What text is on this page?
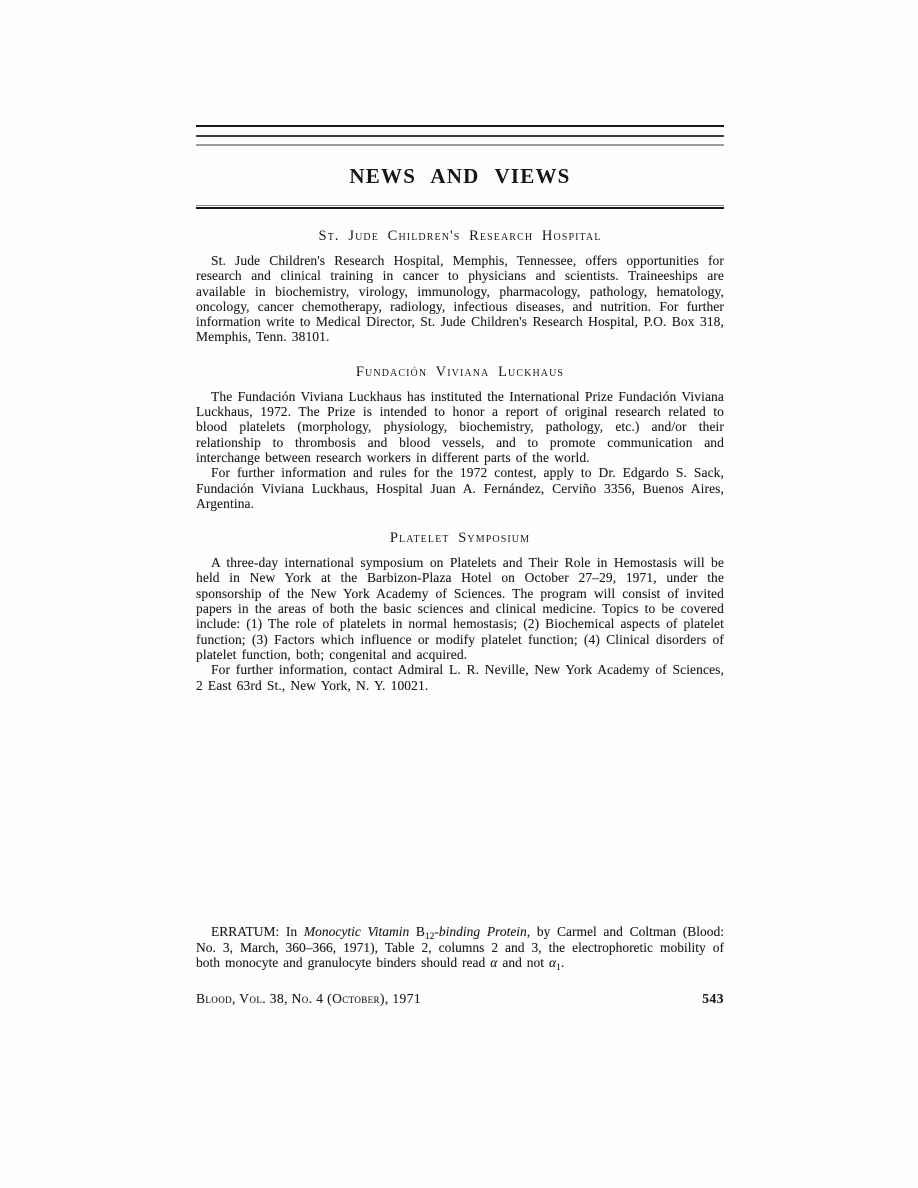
NEWS AND VIEWS
St. Jude Children's Research Hospital

St. Jude Children's Research Hospital, Memphis, Tennessee, offers opportunities for research and clinical training in cancer to physicians and scientists. Traineeships are available in biochemistry, virology, immunology, pharmacology, pathology, hematology, oncology, cancer chemotherapy, radiology, infectious diseases, and nutrition. For further information write to Medical Director, St. Jude Children's Research Hospital, P.O. Box 318, Memphis, Tenn. 38101.

Fundación Viviana Luckhaus

The Fundación Viviana Luckhaus has instituted the International Prize Fundación Viviana Luckhaus, 1972. The Prize is intended to honor a report of original research related to blood platelets (morphology, physiology, biochemistry, pathology, etc.) and/or their relationship to thrombosis and blood vessels, and to promote communication and interchange between research workers in different parts of the world.

For further information and rules for the 1972 contest, apply to Dr. Edgardo S. Sack, Fundación Viviana Luckhaus, Hospital Juan A. Fernández, Cerviño 3356, Buenos Aires, Argentina.

Platelet Symposium

A three-day international symposium on Platelets and Their Role in Hemostasis will be held in New York at the Barbizon-Plaza Hotel on October 27–29, 1971, under the sponsorship of the New York Academy of Sciences. The program will consist of invited papers in the areas of both the basic sciences and clinical medicine. Topics to be covered include: (1) The role of platelets in normal hemostasis; (2) Biochemical aspects of platelet function; (3) Factors which influence or modify platelet function; (4) Clinical disorders of platelet function, both; congenital and acquired.

For further information, contact Admiral L. R. Neville, New York Academy of Sciences, 2 East 63rd St., New York, N. Y. 10021.

ERRATUM: In Monocytic Vitamin $B_{12}$-binding Protein, by Carmel and Coltman (Blood: No. 3, March, 360–366, 1971), Table 2, columns 2 and 3, the electrophoretic mobility of both monocyte and granulocyte binders should read α and not $\alpha_1$.
Blood, Vol. 38, No. 4 (October), 1971	543
